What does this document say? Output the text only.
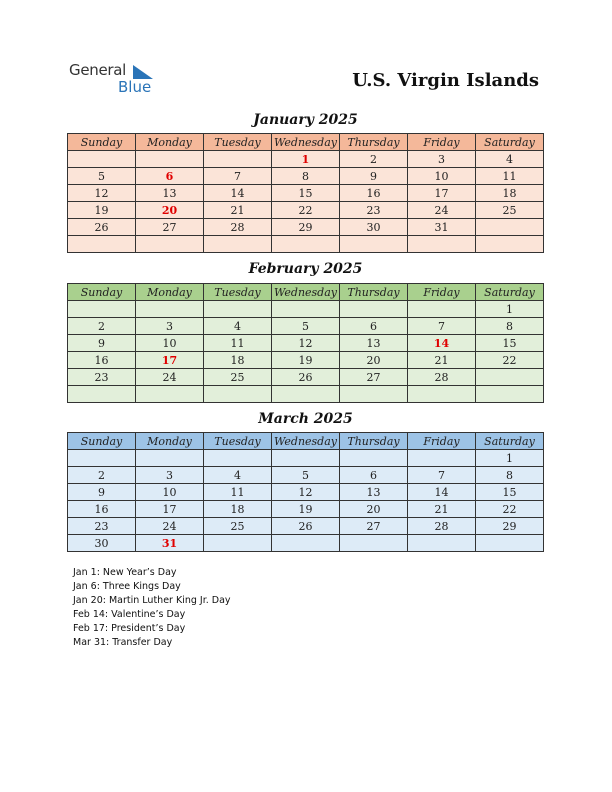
General
Blue	U.S. Virgin Islands
January 2025
Sunday	Monday	Tuesday	Wednesday	Thursday	Friday	Saturday
			1	2	3	4
5	6	7	8	9	10	11
12	13	14	15	16	17	18
19	20	21	22	23	24	25
26	27	28	29	30	31	

February 2025
Sunday	Monday	Tuesday	Wednesday	Thursday	Friday	Saturday
						1
2	3	4	5	6	7	8
9	10	11	12	13	14	15
16	17	18	19	20	21	22
23	24	25	26	27	28	

March 2025
Sunday	Monday	Tuesday	Wednesday	Thursday	Friday	Saturday
						1
2	3	4	5	6	7	8
9	10	11	12	13	14	15
16	17	18	19	20	21	22
23	24	25	26	27	28	29
30	31					
Jan 1: New Year’s Day
Jan 6: Three Kings Day
Jan 20: Martin Luther King Jr. Day
Feb 14: Valentine’s Day
Feb 17: President’s Day
Mar 31: Transfer Day
